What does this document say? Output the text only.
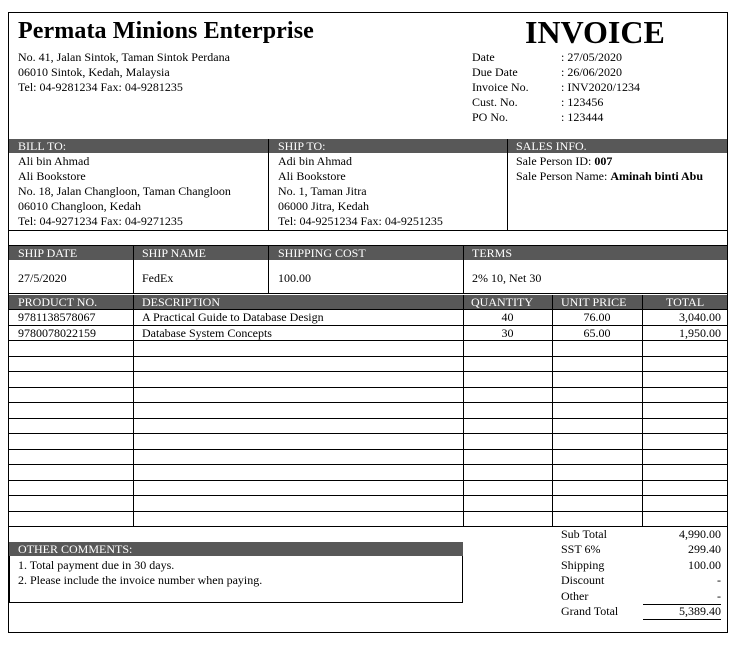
Permata Minions Enterprise
No. 41, Jalan Sintok, Taman Sintok Perdana
06010 Sintok, Kedah, Malaysia
Tel: 04-9281234 Fax: 04-9281235
INVOICE
Date	: 27/05/2020
Due Date	: 26/06/2020
Invoice No.	: INV2020/1234
Cust. No.	: 123456
PO No.	: 123444
BILL TO:	SHIP TO:	SALES INFO.
Ali bin Ahmad
Ali Bookstore
No. 18, Jalan Changloon, Taman Changloon
06010 Changloon, Kedah
Tel: 04-9271234 Fax: 04-9271235
Adi bin Ahmad
Ali Bookstore
No. 1, Taman Jitra
06000 Jitra, Kedah
Tel: 04-9251234 Fax: 04-9251235
Sale Person ID: 007
Sale Person Name: Aminah binti Abu
SHIP DATE	SHIP NAME	SHIPPING COST	TERMS
27/5/2020	FedEx	100.00	2% 10, Net 30
PRODUCT NO.	DESCRIPTION	QUANTITY	UNIT PRICE	TOTAL
9781138578067	A Practical Guide to Database Design	40	76.00	3,040.00
9780078022159	Database System Concepts	30	65.00	1,950.00
OTHER COMMENTS:
1. Total payment due in 30 days.
2. Please include the invoice number when paying.
Sub Total	4,990.00
SST 6%	299.40
Shipping	100.00
Discount	-
Other	-
Grand Total	5,389.40
